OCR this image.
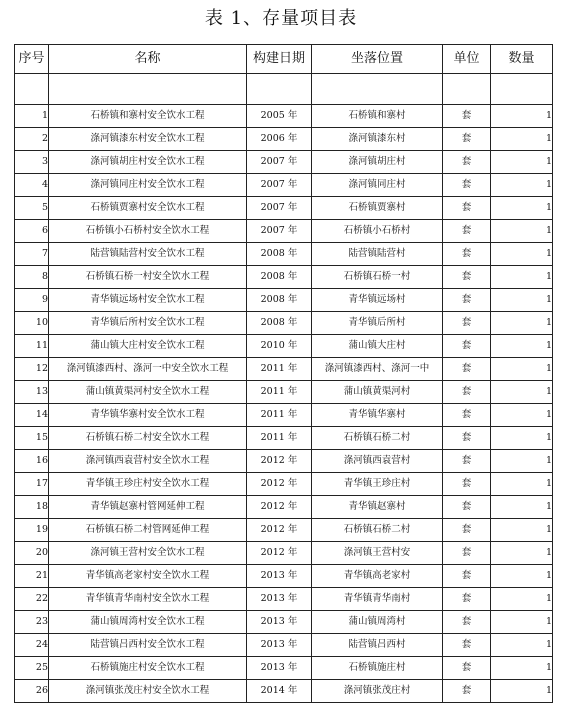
表 1、存量项目表
序号	名称	构建日期	坐落位置	单位	数量

1	石桥镇和寨村安全饮水工程	2005 年	石桥镇和寨村	套	1
2	涤河镇漆东村安全饮水工程	2006 年	涤河镇漆东村	套	1
3	涤河镇胡庄村安全饮水工程	2007 年	涤河镇胡庄村	套	1
4	涤河镇同庄村安全饮水工程	2007 年	涤河镇同庄村	套	1
5	石桥镇贾寨村安全饮水工程	2007 年	石桥镇贾寨村	套	1
6	石桥镇小石桥村安全饮水工程	2007 年	石桥镇小石桥村	套	1
7	陆营镇陆营村安全饮水工程	2008 年	陆营镇陆营村	套	1
8	石桥镇石桥一村安全饮水工程	2008 年	石桥镇石桥一村	套	1
9	青华镇远场村安全饮水工程	2008 年	青华镇远场村	套	1
10	青华镇后所村安全饮水工程	2008 年	青华镇后所村	套	1
11	蒲山镇大庄村安全饮水工程	2010 年	蒲山镇大庄村	套	1
12	涤河镇漆西村、涤河一中安全饮水工程	2011 年	涤河镇漆西村、涤河一中	套	1
13	蒲山镇黄渠河村安全饮水工程	2011 年	蒲山镇黄渠河村	套	1
14	青华镇华寨村安全饮水工程	2011 年	青华镇华寨村	套	1
15	石桥镇石桥二村安全饮水工程	2011 年	石桥镇石桥二村	套	1
16	涤河镇西袁营村安全饮水工程	2012 年	涤河镇西袁营村	套	1
17	青华镇王珍庄村安全饮水工程	2012 年	青华镇王珍庄村	套	1
18	青华镇赵寨村管网延伸工程	2012 年	青华镇赵寨村	套	1
19	石桥镇石桥二村管网延伸工程	2012 年	石桥镇石桥二村	套	1
20	涤河镇王营村安全饮水工程	2012 年	涤河镇王营村安	套	1
21	青华镇高老家村安全饮水工程	2013 年	青华镇高老家村	套	1
22	青华镇青华南村安全饮水工程	2013 年	青华镇青华南村	套	1
23	蒲山镇周湾村安全饮水工程	2013 年	蒲山镇周湾村	套	1
24	陆营镇吕西村安全饮水工程	2013 年	陆营镇吕西村	套	1
25	石桥镇施庄村安全饮水工程	2013 年	石桥镇施庄村	套	1
26	涤河镇张茂庄村安全饮水工程	2014 年	涤河镇张茂庄村	套	1
